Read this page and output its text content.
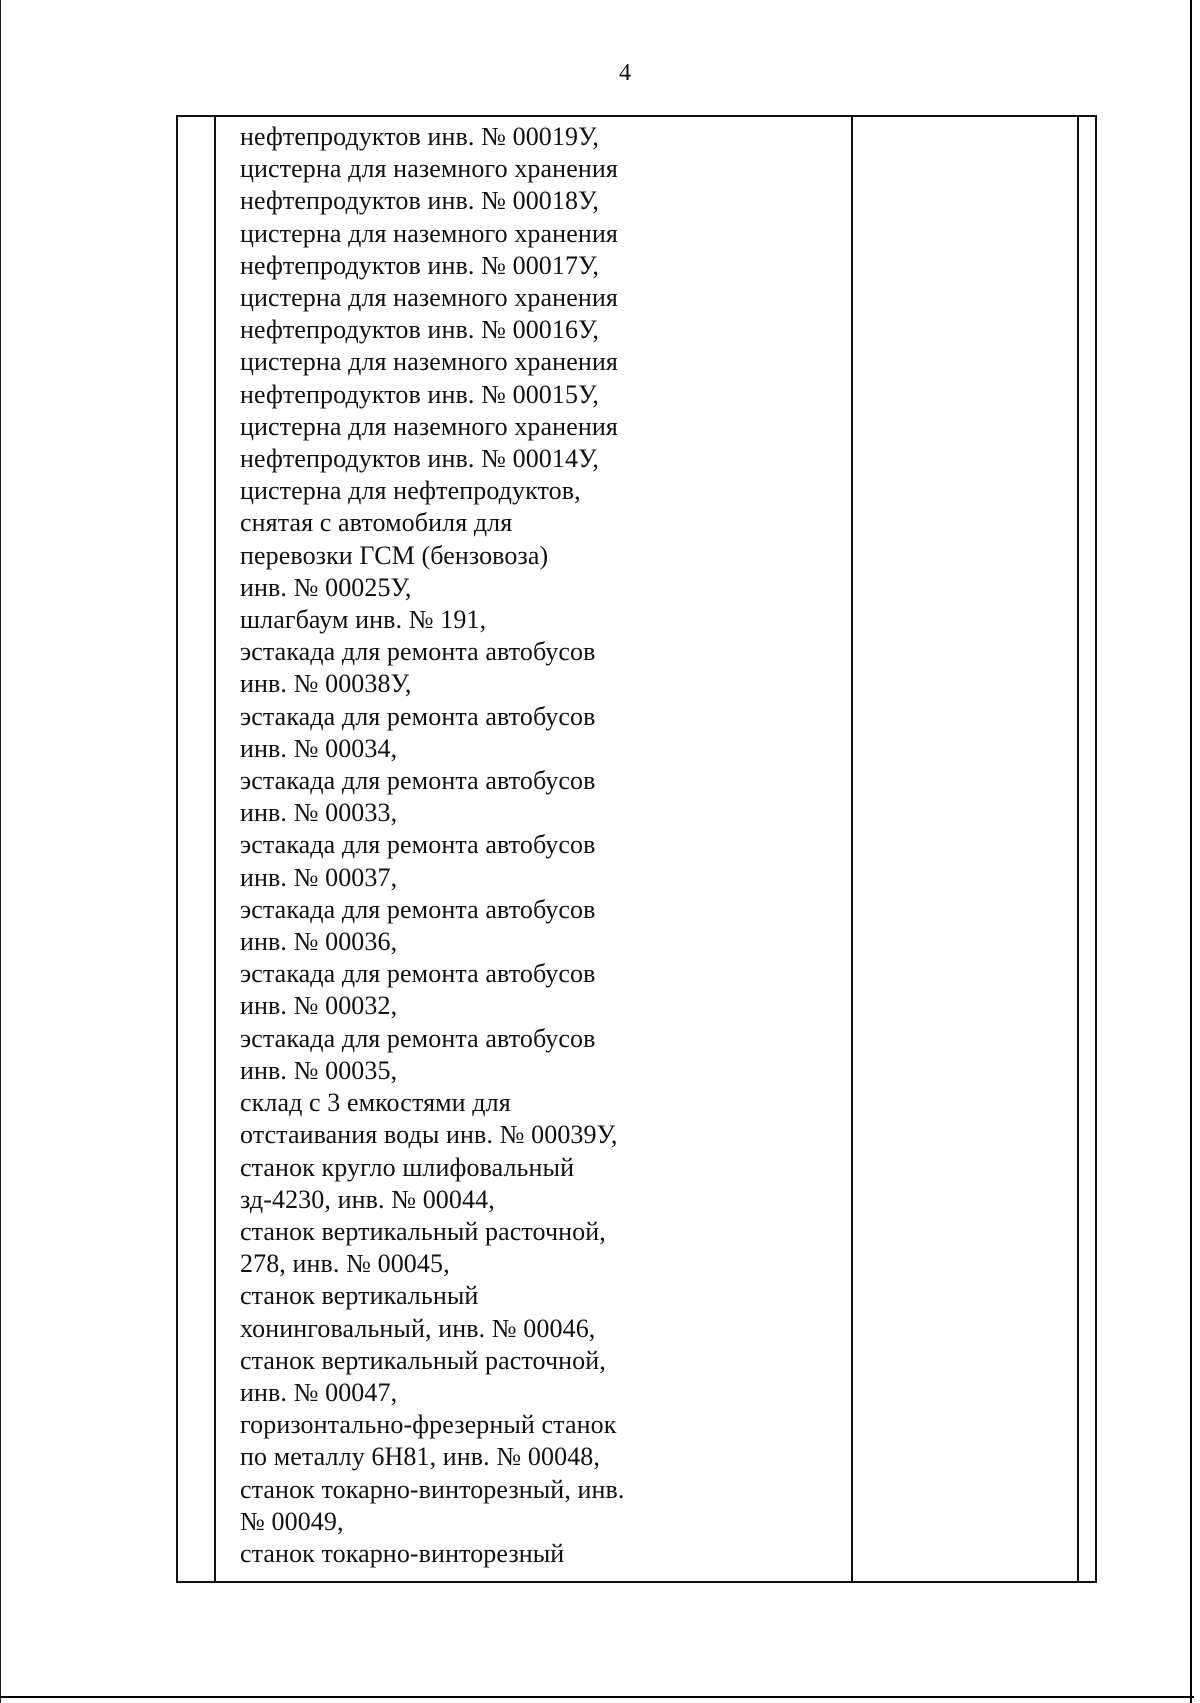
4
нефтепродуктов инв. № 00019У,
цистерна для наземного хранения
нефтепродуктов инв. № 00018У,
цистерна для наземного хранения
нефтепродуктов инв. № 00017У,
цистерна для наземного хранения
нефтепродуктов инв. № 00016У,
цистерна для наземного хранения
нефтепродуктов инв. № 00015У,
цистерна для наземного хранения
нефтепродуктов инв. № 00014У,
цистерна для нефтепродуктов,
снятая с автомобиля для
перевозки ГСМ (бензовоза)
инв. № 00025У,
шлагбаум инв. № 191,
эстакада для ремонта автобусов
инв. № 00038У,
эстакада для ремонта автобусов
инв. № 00034,
эстакада для ремонта автобусов
инв. № 00033,
эстакада для ремонта автобусов
инв. № 00037,
эстакада для ремонта автобусов
инв. № 00036,
эстакада для ремонта автобусов
инв. № 00032,
эстакада для ремонта автобусов
инв. № 00035,
склад с 3 емкостями для
отстаивания воды инв. № 00039У,
станок кругло шлифовальный
зд-4230, инв. № 00044,
станок вертикальный расточной,
278, инв. № 00045,
станок вертикальный
хонинговальный, инв. № 00046,
станок вертикальный расточной,
инв. № 00047,
горизонтально-фрезерный станок
по металлу 6Н81, инв. № 00048,
станок токарно-винторезный, инв.
№ 00049,
станок токарно-винторезный
